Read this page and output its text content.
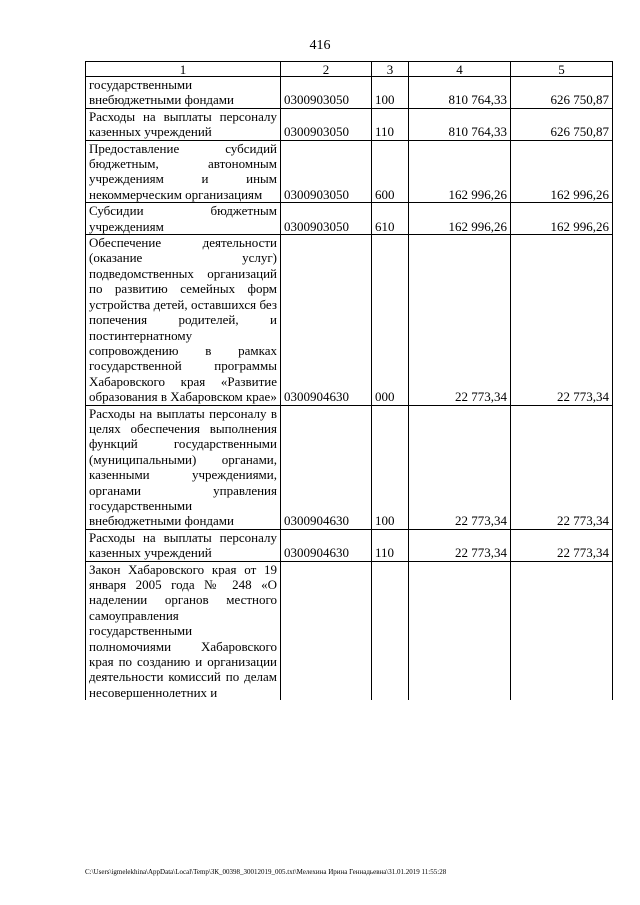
416
1	2	3	4	5
государственными внебюджетными фондами	0300903050	100	810 764,33	626 750,87
Расходы на выплаты персоналу казенных учреждений	0300903050	110	810 764,33	626 750,87
Предоставление субсидий бюджетным, автономным учреждениям и иным некоммерческим организациям	0300903050	600	162 996,26	162 996,26
Субсидии бюджетным учреждениям	0300903050	610	162 996,26	162 996,26
Обеспечение деятельности (оказание услуг) подведомственных организаций по развитию семейных форм устройства детей, оставшихся без попечения родителей, и постинтернатному сопровождению в рамках государственной программы Хабаровского края «Развитие образования в Хабаровском крае»	0300904630	000	22 773,34	22 773,34
Расходы на выплаты персоналу в целях обеспечения выполнения функций государственными (муниципальными) органами, казенными учреждениями, органами управления государственными внебюджетными фондами	0300904630	100	22 773,34	22 773,34
Расходы на выплаты персоналу казенных учреждений	0300904630	110	22 773,34	22 773,34
Закон Хабаровского края от 19 января 2005 года № 248 «О наделении органов местного самоуправления государственными полномочиями Хабаровского края по созданию и организации деятельности комиссий по делам несовершеннолетних и				
C:\Users\igmelekhina\AppData\Local\Temp\ЗК_00398_30012019_005.txt\Мелехина Ирина Геннадьевна\31.01.2019 11:55:28
